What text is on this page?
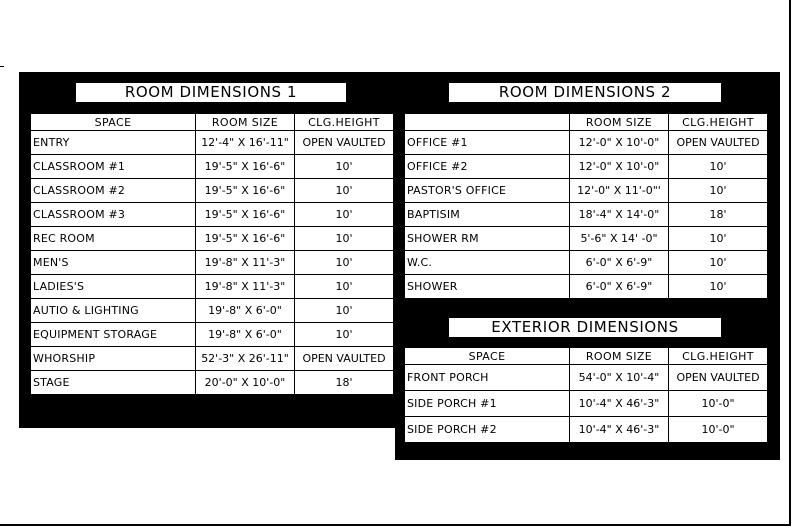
ROOM DIMENSIONS 1
SPACE	ROOM SIZE	CLG.HEIGHT
ENTRY	12'-4" X 16'-11"	OPEN VAULTED
CLASSROOM #1	19'-5" X 16'-6"	10'
CLASSROOM #2	19'-5" X 16'-6"	10'
CLASSROOM #3	19'-5" X 16'-6"	10'
REC ROOM	19'-5" X 16'-6"	10'
MEN'S	19'-8" X 11'-3"	10'
LADIES'S	19'-8" X 11'-3"	10'
AUTIO & LIGHTING	19'-8" X 6'-0"	10'
EQUIPMENT STORAGE	19'-8" X 6'-0"	10'
WHORSHIP	52'-3" X 26'-11"	OPEN VAULTED
STAGE	20'-0" X 10'-0"	18'
ROOM DIMENSIONS 2
	ROOM SIZE	CLG.HEIGHT
OFFICE #1	12'-0" X 10'-0"	OPEN VAULTED
OFFICE #2	12'-0" X 10'-0"	10'
PASTOR'S OFFICE	12'-0" X 11'-0"'	10'
BAPTISIM	18'-4" X 14'-0"	18'
SHOWER RM	5'-6" X 14' -0"	10'
W.C.	6'-0" X 6'-9"	10'
SHOWER	6'-0" X 6'-9"	10'
EXTERIOR DIMENSIONS
SPACE	ROOM SIZE	CLG.HEIGHT
FRONT PORCH	54'-0" X 10'-4"	OPEN VAULTED
SIDE PORCH #1	10'-4" X 46'-3"	10'-0"
SIDE PORCH #2	10'-4" X 46'-3"	10'-0"
